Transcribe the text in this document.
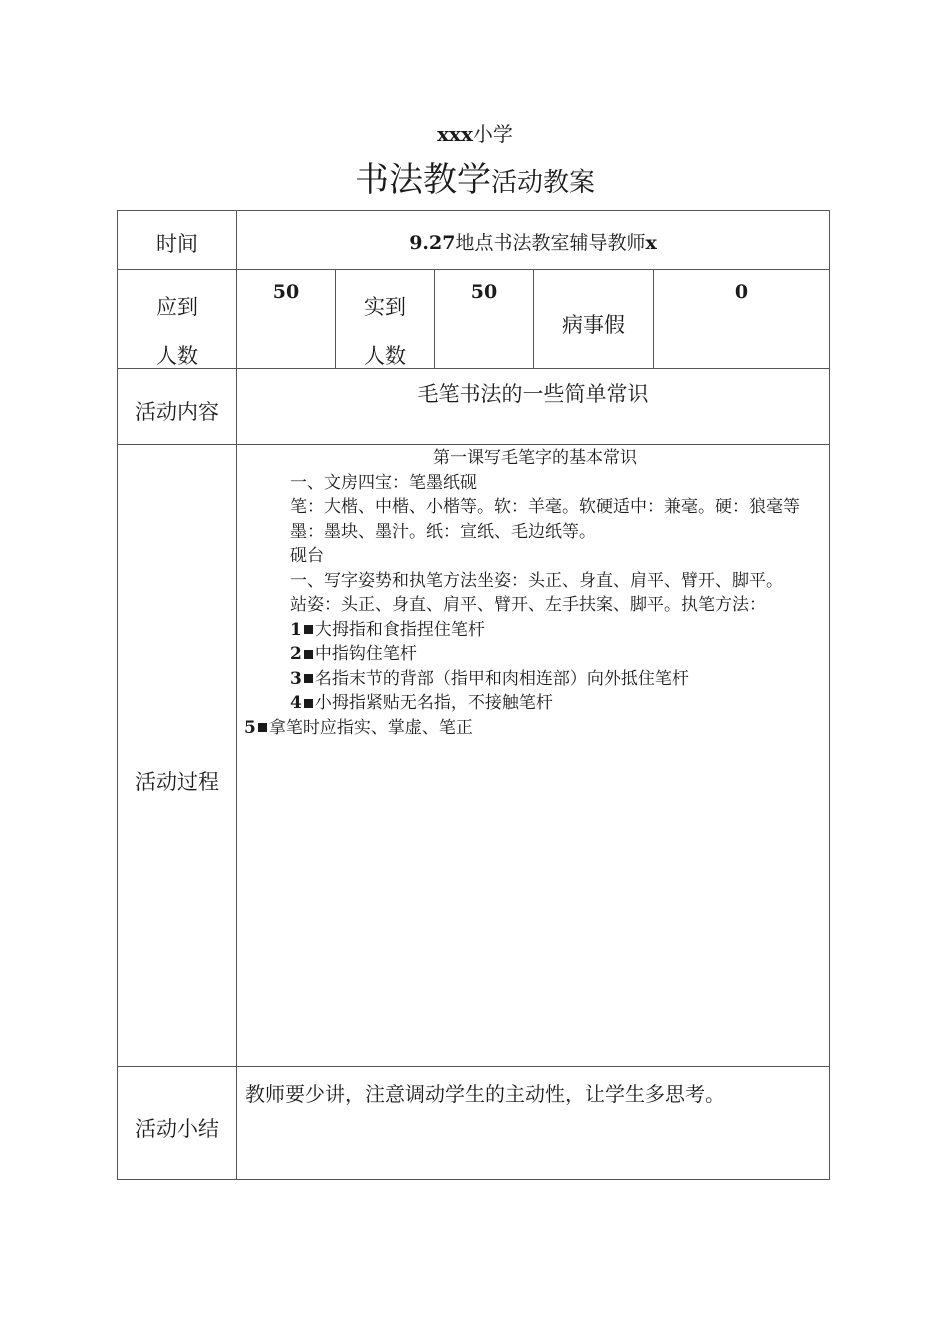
xxx小学
书法教学活动教案
时间	9.27地点书法教室辅导教师x
应到
人数
50
实到
人数
50
病事假
0
活动内容
毛笔书法的一些简单常识
活动过程
第一课写毛笔字的基本常识
一、文房四宝：笔墨纸砚
笔：大楷、中楷、小楷等。软：羊毫。软硬适中：兼毫。硬：狼毫等
墨：墨块、墨汁。纸：宣纸、毛边纸等。
砚台
一、写字姿势和执笔方法坐姿：头正、身直、肩平、臂开、脚平。
站姿：头正、身直、肩平、臂开、左手扶案、脚平。执笔方法：
1 大拇指和食指捏住笔杆
2 中指钩住笔杆
3 名指末节的背部（指甲和肉相连部）向外抵住笔杆
4 小拇指紧贴无名指，不接触笔杆
5 拿笔时应指实、掌虚、笔正
活动小结
教师要少讲，注意调动学生的主动性，让学生多思考。
